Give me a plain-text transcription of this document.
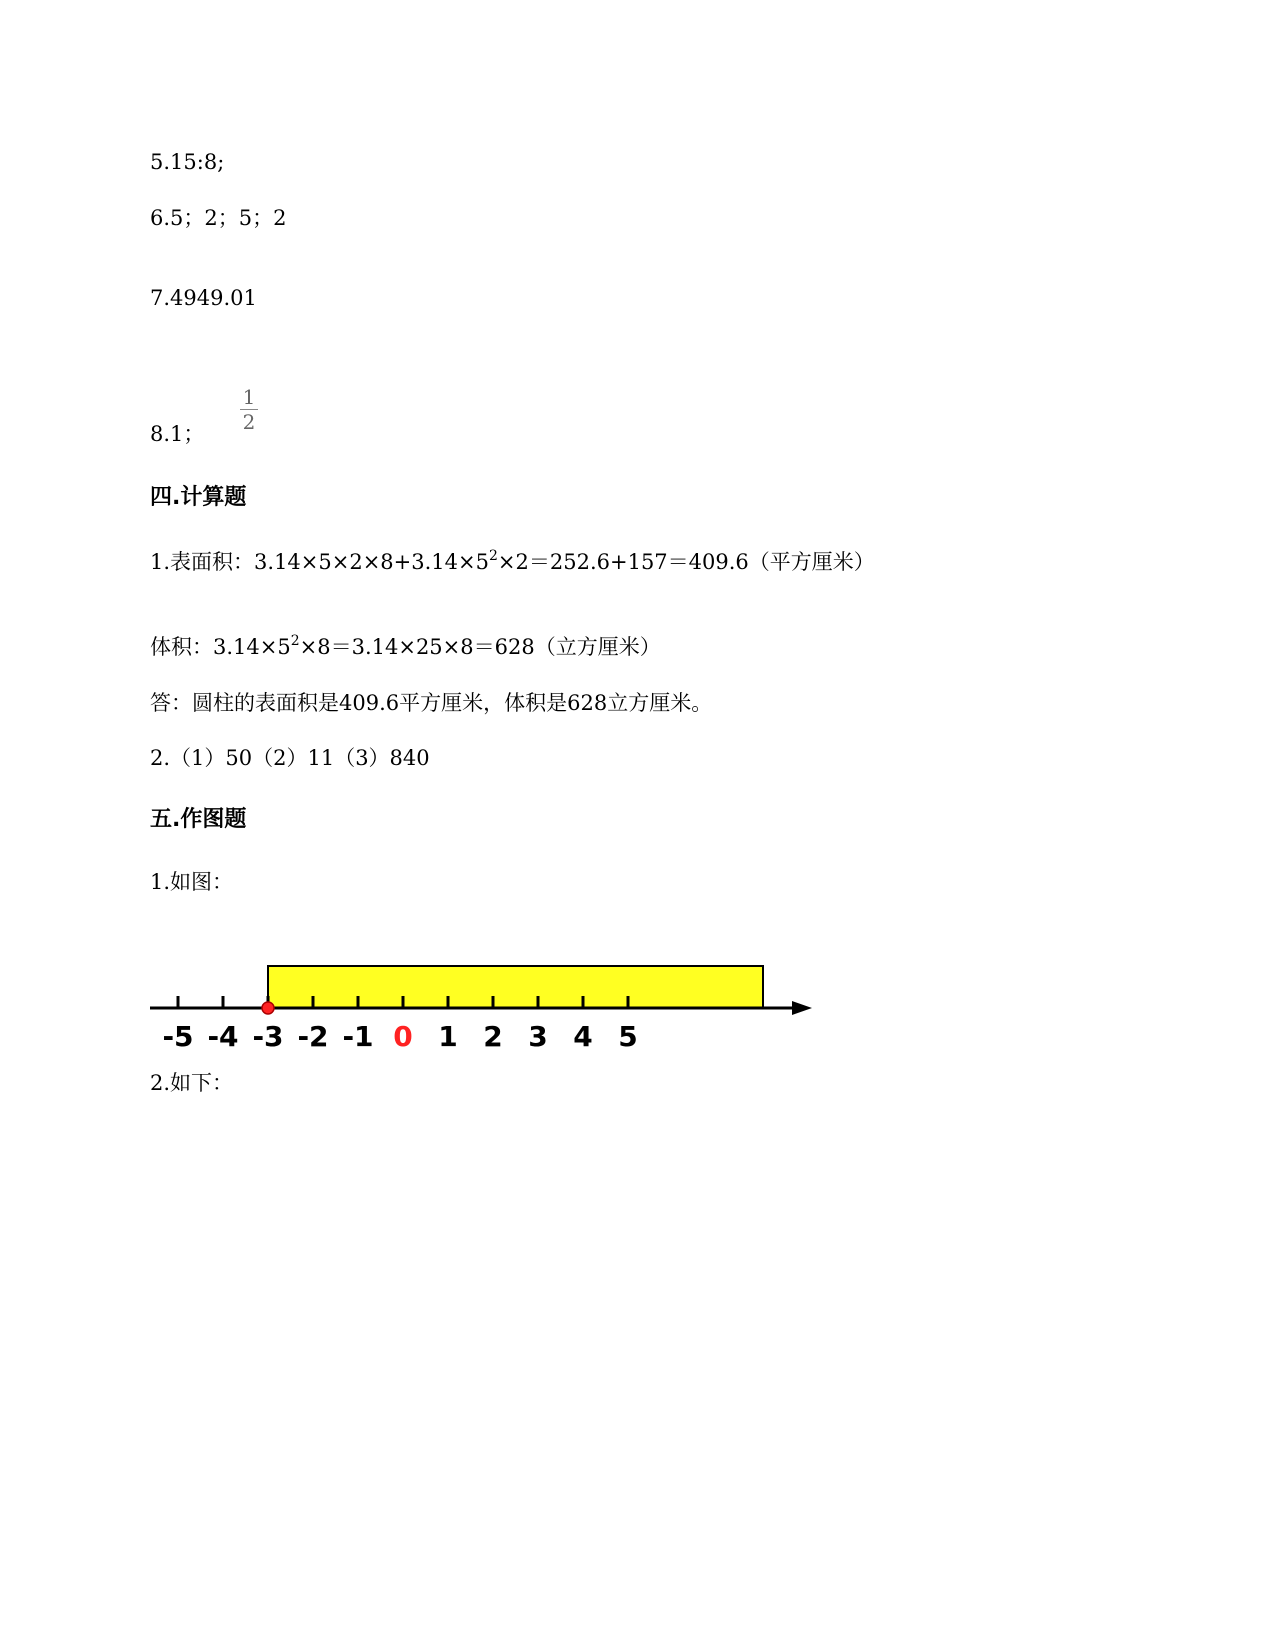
5.15:8;
6.5；2；5；2
7.4949.01
8.1；
1
2
四.计算题
1.表面积：$3.14\times 5\times 2\times 8+3.14\times 5^2\times 2=252.6+157=409.6$（平方厘米）
体积：$3.14\times 5^2\times 8=3.14\times 25\times 8=628$（立方厘米）
答：圆柱的表面积是409.6平方厘米，体积是628立方厘米。
2.（1）50（2）11（3）840
五.作图题
1.如图：
-5 -4 -3 -2 -1 0 1 2 3 4 5
2.如下：
